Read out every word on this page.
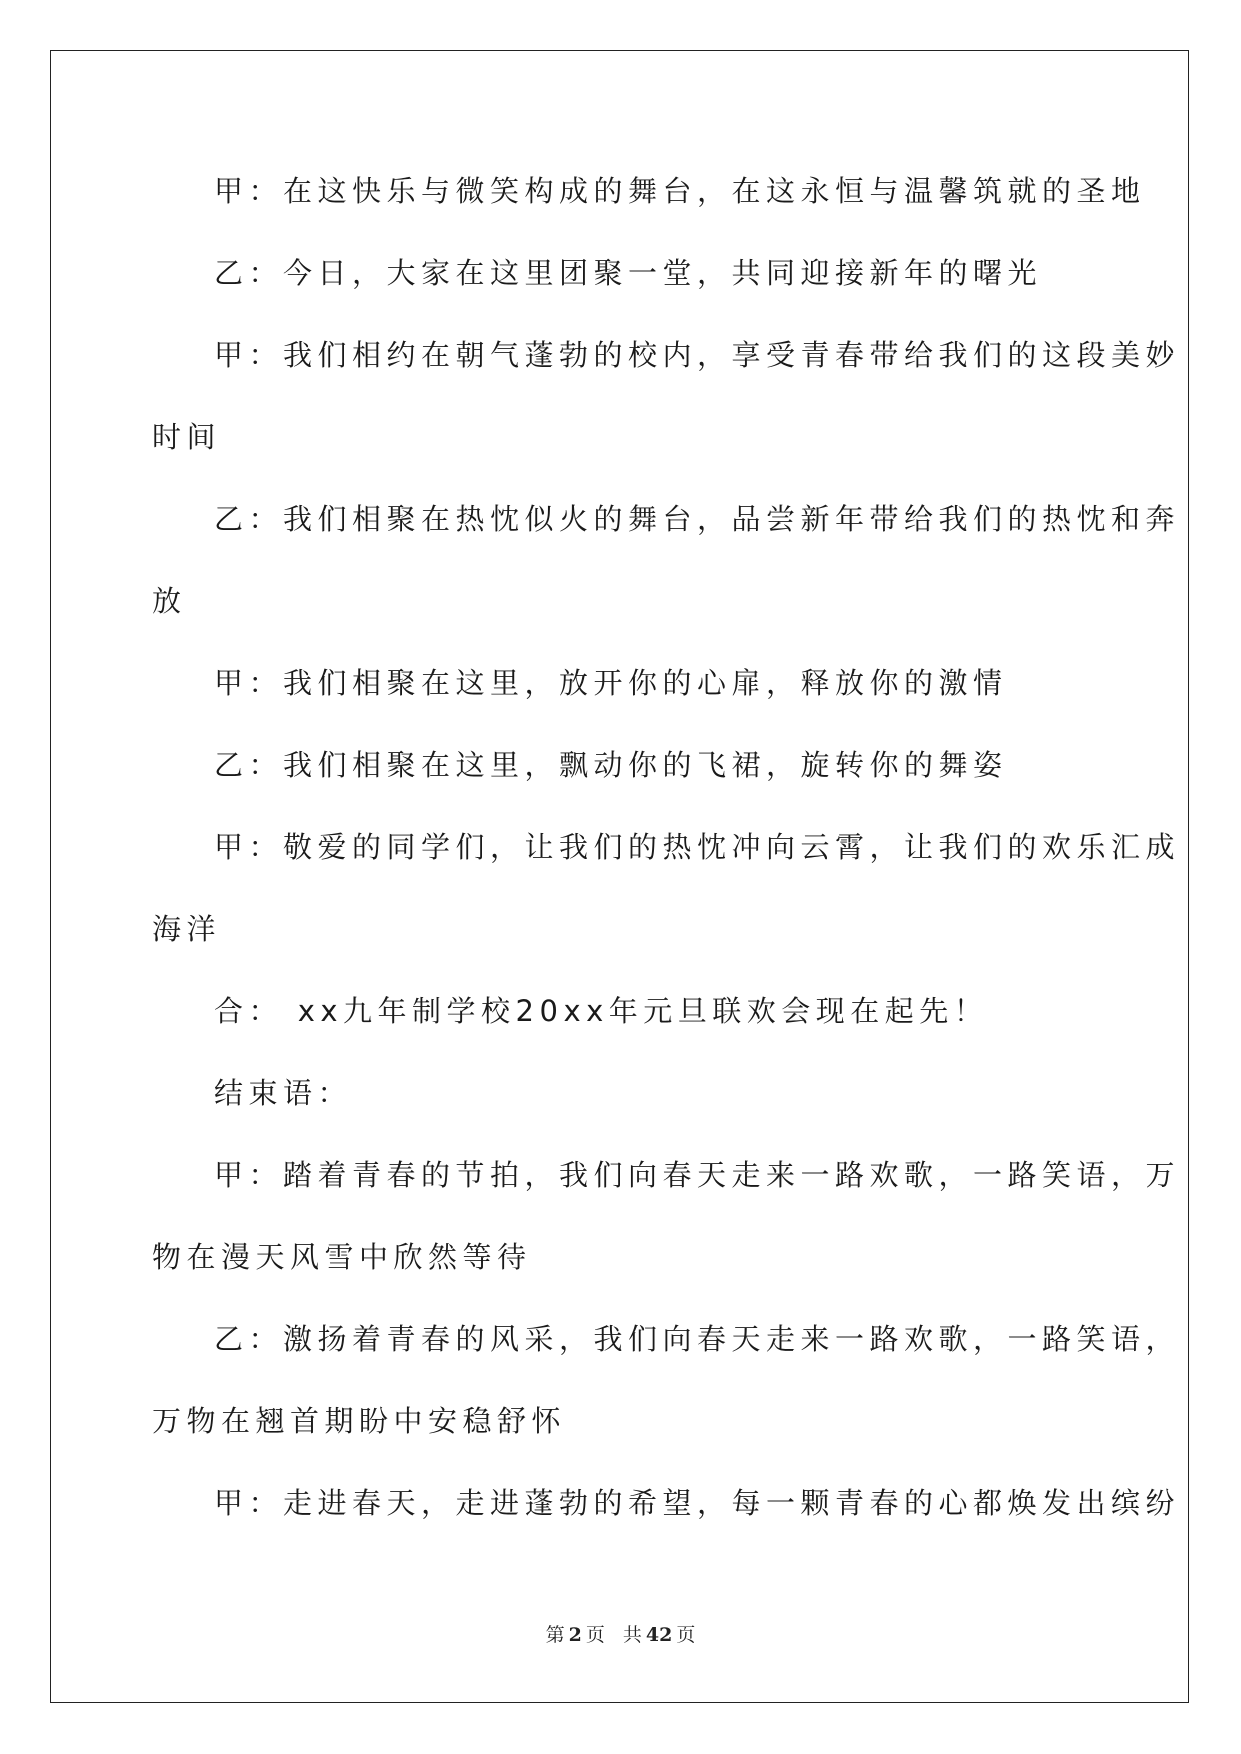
甲：在这快乐与微笑构成的舞台，在这永恒与温馨筑就的圣地
乙：今日，大家在这里团聚一堂，共同迎接新年的曙光
甲：我们相约在朝气蓬勃的校内，享受青春带给我们的这段美妙
时间
乙：我们相聚在热忱似火的舞台，品尝新年带给我们的热忱和奔
放
甲：我们相聚在这里，放开你的心扉，释放你的激情
乙：我们相聚在这里，飘动你的飞裙，旋转你的舞姿
甲：敬爱的同学们，让我们的热忱冲向云霄，让我们的欢乐汇成
海洋
合： xx九年制学校20xx年元旦联欢会现在起先！
结束语：
甲：踏着青春的节拍，我们向春天走来一路欢歌，一路笑语，万
物在漫天风雪中欣然等待
乙：激扬着青春的风采，我们向春天走来一路欢歌，一路笑语，
万物在翘首期盼中安稳舒怀
甲：走进春天，走进蓬勃的希望，每一颗青春的心都焕发出缤纷
第 2 页 共 42 页
